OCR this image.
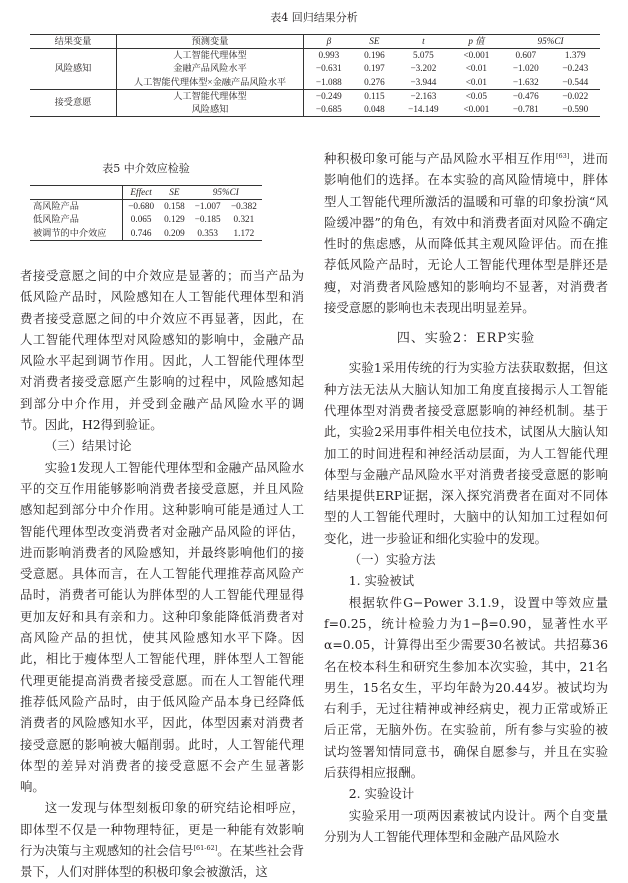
表4 回归结果分析
结果变量	预测变量	β	SE	t	p 值	95%CI	
风险感知	人工智能代理体型	0.993	0.196	5.075	<0.001	0.607	1.379
	金融产品风险水平	−0.631	0.197	−3.202	<0.01	−1.020	−0.243
	人工智能代理体型×金融产品风险水平	−1.088	0.276	−3.944	<0.01	−1.632	−0.544
接受意愿	人工智能代理体型	−0.249	0.115	−2.163	<0.05	−0.476	−0.022
	风险感知	−0.685	0.048	−14.149	<0.001	−0.781	−0.590
表5 中介效应检验
	Effect	SE	95%CI	
高风险产品	−0.680	0.158	−1.007	−0.382
低风险产品	0.065	0.129	−0.185	0.321
被调节的中介效应	0.746	0.209	0.353	1.172

者接受意愿之间的中介效应是显著的；而当产品为低风险产品时，风险感知在人工智能代理体型和消费者接受意愿之间的中介效应不再显著，因此，在人工智能代理体型对风险感知的影响中，金融产品风险水平起到调节作用。因此，人工智能代理体型对消费者接受意愿产生影响的过程中，风险感知起到部分中介作用，并受到金融产品风险水平的调节。因此，H2得到验证。

（三）结果讨论

实验1发现人工智能代理体型和金融产品风险水平的交互作用能够影响消费者接受意愿，并且风险感知起到部分中介作用。这种影响可能是通过人工智能代理体型改变消费者对金融产品风险的评估，进而影响消费者的风险感知，并最终影响他们的接受意愿。具体而言，在人工智能代理推荐高风险产品时，消费者可能认为胖体型的人工智能代理显得更加友好和具有亲和力。这种印象能降低消费者对高风险产品的担忧，使其风险感知水平下降。因此，相比于瘦体型人工智能代理，胖体型人工智能代理更能提高消费者接受意愿。而在人工智能代理推荐低风险产品时，由于低风险产品本身已经降低消费者的风险感知水平，因此，体型因素对消费者接受意愿的影响被大幅削弱。此时，人工智能代理体型的差异对消费者的接受意愿不会产生显著影响。

这一发现与体型刻板印象的研究结论相呼应，即体型不仅是一种物理特征，更是一种能有效影响行为决策与主观感知的社会信号[61-62]。在某些社会背景下，人们对胖体型的积极印象会被激活，这

种积极印象可能与产品风险水平相互作用[63]，进而影响他们的选择。在本实验的高风险情境中，胖体型人工智能代理所激活的温暖和可靠的印象扮演“风险缓冲器”的角色，有效中和消费者面对风险不确定性时的焦虑感，从而降低其主观风险评估。而在推荐低风险产品时，无论人工智能代理体型是胖还是瘦，对消费者风险感知的影响均不显著，对消费者接受意愿的影响也未表现出明显差异。

四、实验2：ERP实验

实验1采用传统的行为实验方法获取数据，但这种方法无法从大脑认知加工角度直接揭示人工智能代理体型对消费者接受意愿影响的神经机制。基于此，实验2采用事件相关电位技术，试图从大脑认知加工的时间进程和神经活动层面，为人工智能代理体型与金融产品风险水平对消费者接受意愿的影响结果提供ERP证据，深入探究消费者在面对不同体型的人工智能代理时，大脑中的认知加工过程如何变化，进一步验证和细化实验中的发现。

（一）实验方法

1. 实验被试

根据软件G−Power 3.1.9，设置中等效应量f=0.25，统计检验力为1−β=0.90，显著性水平α=0.05，计算得出至少需要30名被试。共招募36名在校本科生和研究生参加本次实验，其中，21名男生，15名女生，平均年龄为20.44岁。被试均为右利手，无过往精神或神经病史，视力正常或矫正后正常，无脑外伤。在实验前，所有参与实验的被试均签署知情同意书，确保自愿参与，并且在实验后获得相应报酬。

2. 实验设计

实验采用一项两因素被试内设计。两个自变量分别为人工智能代理体型和金融产品风险水
